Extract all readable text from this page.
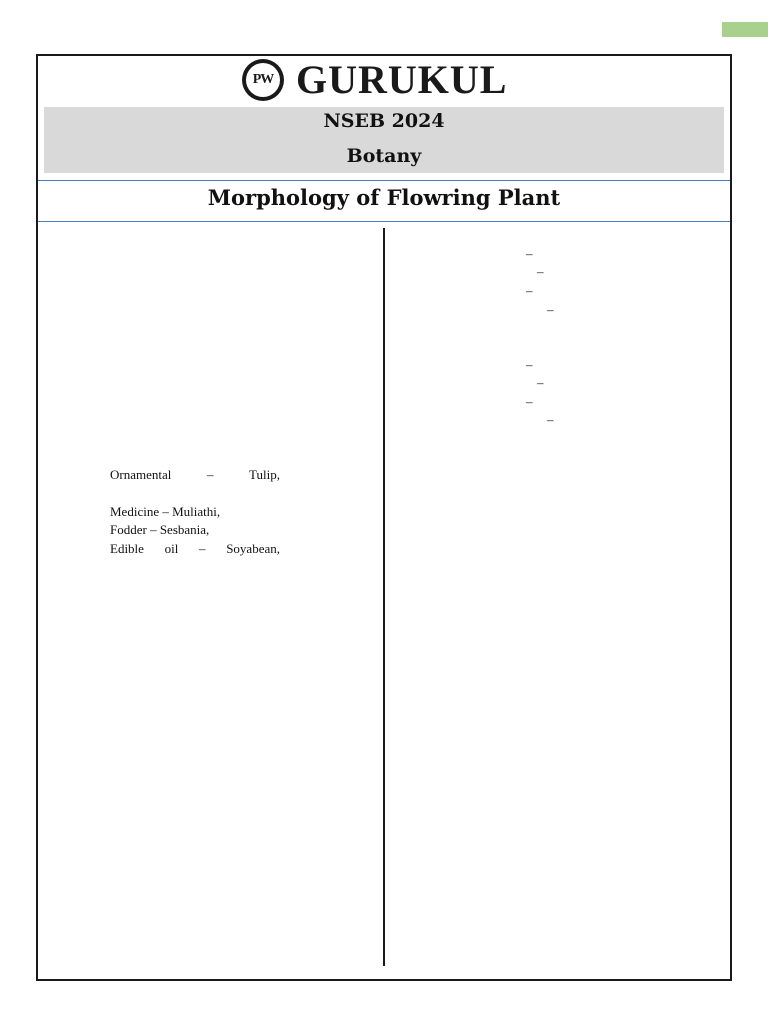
PW GURUKUL
NSEB 2024
Botany
Morphology of Flowring Plant
Ornamental	–	Tulip,
Medicine – Muliathi,
Fodder – Sesbania,
Edible oil – Soyabean,
–
–
–
–
–
–
–
–
